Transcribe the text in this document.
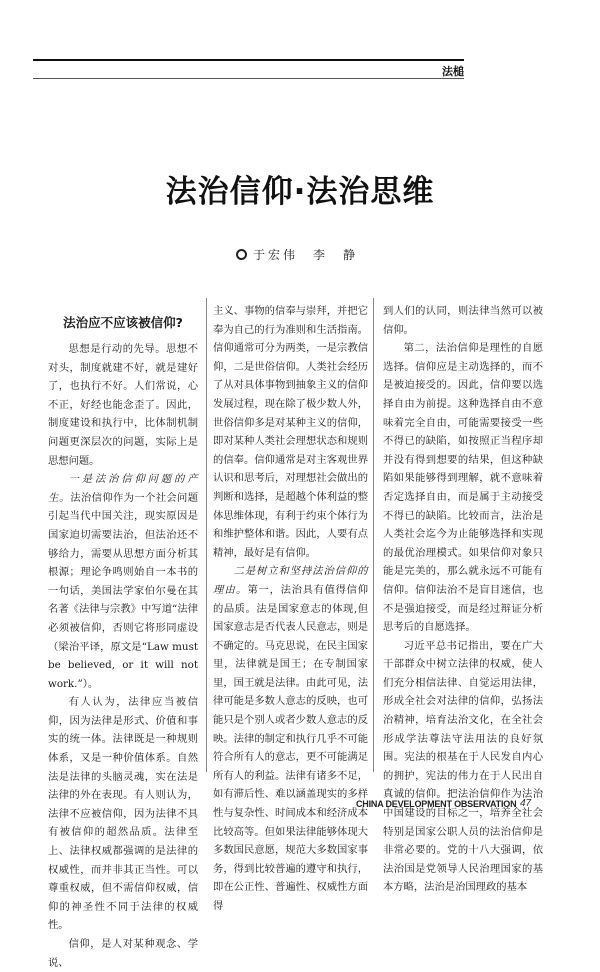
法槌
法治信仰·法治思维
于宏伟　李　静
法治应不应该被信仰?

思想是行动的先导。思想不对头，制度就建不好，就是建好了，也执行不好。人们常说，心不正，好经也能念歪了。因此，制度建设和执行中，比体制机制问题更深层次的问题，实际上是思想问题。

一是法治信仰问题的产生。法治信仰作为一个社会问题引起当代中国关注，现实原因是国家迫切需要法治，但法治还不够给力，需要从思想方面分析其根源；理论争鸣则始自一本书的一句话，美国法学家伯尔曼在其名著《法律与宗教》中写道“法律必须被信仰，否则它将形同虚设（梁治平译，原文是“Law must be believed, or it will not work.”）。

有人认为，法律应当被信仰，因为法律是形式、价值和事实的统一体。法律既是一种规则体系，又是一种价值体系。自然法是法律的头脑灵魂，实在法是法律的外在表现。有人则认为，法律不应被信仰，因为法律不具有被信仰的超然品质。法律至上、法律权威都强调的是法律的权威性，而并非其正当性。可以尊重权威，但不需信仰权威，信仰的神圣性不同于法律的权威性。

信仰，是人对某种观念、学说、

主义、事物的信奉与崇拜，并把它奉为自己的行为准则和生活指南。信仰通常可分为两类，一是宗教信仰，二是世俗信仰。人类社会经历了从对具体事物到抽象主义的信仰发展过程，现在除了极少数人外，世俗信仰多是对某种主义的信仰，即对某种人类社会理想状态和规则的信奉。信仰通常是对主客观世界认识和思考后，对理想社会做出的判断和选择，是超越个体利益的整体思维体现，有利于约束个体行为和维护整体和谐。因此，人要有点精神，最好是有信仰。

二是树立和坚持法治信仰的理由。第一，法治具有值得信仰的品质。法是国家意志的体现,但国家意志是否代表人民意志，则是不确定的。马克思说，在民主国家里，法律就是国王；在专制国家里，国王就是法律。由此可见，法律可能是多数人意志的反映，也可能只是个别人或者少数人意志的反映。法律的制定和执行几乎不可能符合所有人的意志，更不可能满足所有人的利益。法律有诸多不足，如有滞后性、难以涵盖现实的多样性与复杂性、时间成本和经济成本比较高等。但如果法律能够体现大多数国民意愿，规范大多数国家事务，得到比较普遍的遵守和执行，即在公正性、普遍性、权威性方面得

到人们的认同，则法律当然可以被信仰。

第二，法治信仰是理性的自愿选择。信仰应是主动选择的，而不是被迫接受的。因此，信仰要以选择自由为前提。这种选择自由不意味着完全自由，可能需要接受一些不得已的缺陷，如按照正当程序却并没有得到想要的结果，但这种缺陷如果能够得到理解，就不意味着否定选择自由，而是属于主动接受不得已的缺陷。比较而言，法治是人类社会迄今为止能够选择和实现的最优治理模式。如果信仰对象只能是完美的，那么就永远不可能有信仰。信仰法治不是盲目迷信，也不是强迫接受，而是经过辩证分析思考后的自愿选择。

习近平总书记指出，要在广大干部群众中树立法律的权威，使人们充分相信法律、自觉运用法律，形成全社会对法律的信仰，弘扬法治精神，培育法治文化，在全社会形成学法尊法守法用法的良好氛围。宪法的根基在于人民发自内心的拥护，宪法的伟力在于人民出自真诚的信仰。把法治信仰作为法治中国建设的目标之一，培养全社会特别是国家公职人员的法治信仰是非常必要的。党的十八大强调，依法治国是党领导人民治理国家的基本方略，法治是治国理政的基本

CHINA DEVELOPMENT OBSERVATION 47
